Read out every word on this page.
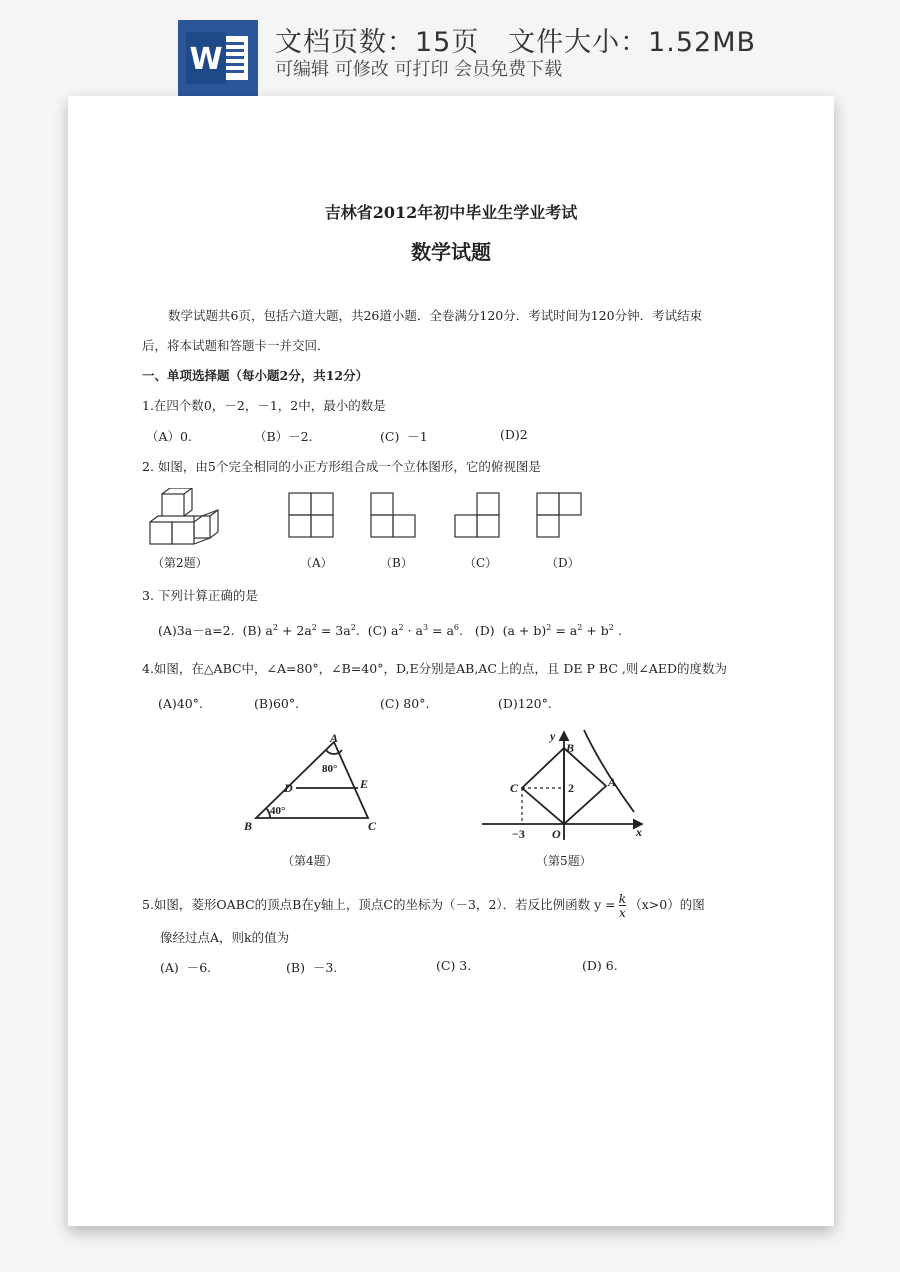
W 文档页数：15页   文件大小：1.52MB
可编辑 可修改 可打印 会员免费下载
吉林省2012年初中毕业生学业考试
数学试题
数学试题共6页，包括六道大题，共26道小题．全卷满分120分．考试时间为120分钟．考试结束
后，将本试题和答题卡一并交回．
一、单项选择题（每小题2分，共12分）
1.在四个数0，－2，－1，2中，最小的数是
（A）0.	（B）－2.	(C)  －1	(D)2
2. 如图，由5个完全相同的小正方形组合成一个立体图形，它的俯视图是
（第2题）	（A）	（B）	（C）	（D）
3. 下列计算正确的是
(A)3a－a=2. (B) $a^2 + 2a^2 = 3a^2$.  (C) $a^2 \cdot a^3 = a^6$.   (D)  $(a + b)^2 = a^2 + b^2$ .
4.如图，在△ABC中，∠A=80°，∠B=40°，D,E分别是AB,AC上的点，且 DE P BC ,则∠AED的度数为
(A)40°.	(B)60°.	(C) 80°.	(D)120°.
A
B	C
D	E
80°
40°
（第4题）
y
x
B
C	A
O
2
−3
（第5题）
5.如图，菱形OABC的顶点B在y轴上，顶点C的坐标为（－3，2）．若反比例函数 $y = \frac{k}{x} (x>0)$的图
像经过点A，则k的值为
(A)  －6.	(B)  －3.	(C) 3.	(D) 6.
